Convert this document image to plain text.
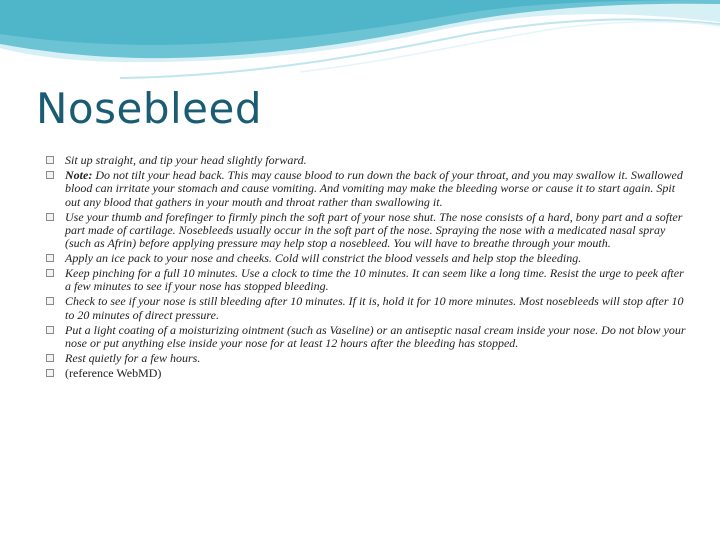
Nosebleed
Sit up straight, and tip your head slightly forward.
Note: Do not tilt your head back. This may cause blood to run down the back of your throat, and you may swallow it. Swallowed blood can irritate your stomach and cause vomiting. And vomiting may make the bleeding worse or cause it to start again. Spit out any blood that gathers in your mouth and throat rather than swallowing it.
Use your thumb and forefinger to firmly pinch the soft part of your nose shut. The nose consists of a hard, bony part and a softer part made of cartilage. Nosebleeds usually occur in the soft part of the nose. Spraying the nose with a medicated nasal spray (such as Afrin) before applying pressure may help stop a nosebleed. You will have to breathe through your mouth.
Apply an ice pack to your nose and cheeks. Cold will constrict the blood vessels and help stop the bleeding.
Keep pinching for a full 10 minutes. Use a clock to time the 10 minutes. It can seem like a long time. Resist the urge to peek after a few minutes to see if your nose has stopped bleeding.
Check to see if your nose is still bleeding after 10 minutes. If it is, hold it for 10 more minutes. Most nosebleeds will stop after 10 to 20 minutes of direct pressure.
Put a light coating of a moisturizing ointment (such as Vaseline) or an antiseptic nasal cream inside your nose. Do not blow your nose or put anything else inside your nose for at least 12 hours after the bleeding has stopped.
Rest quietly for a few hours.
(reference WebMD)
